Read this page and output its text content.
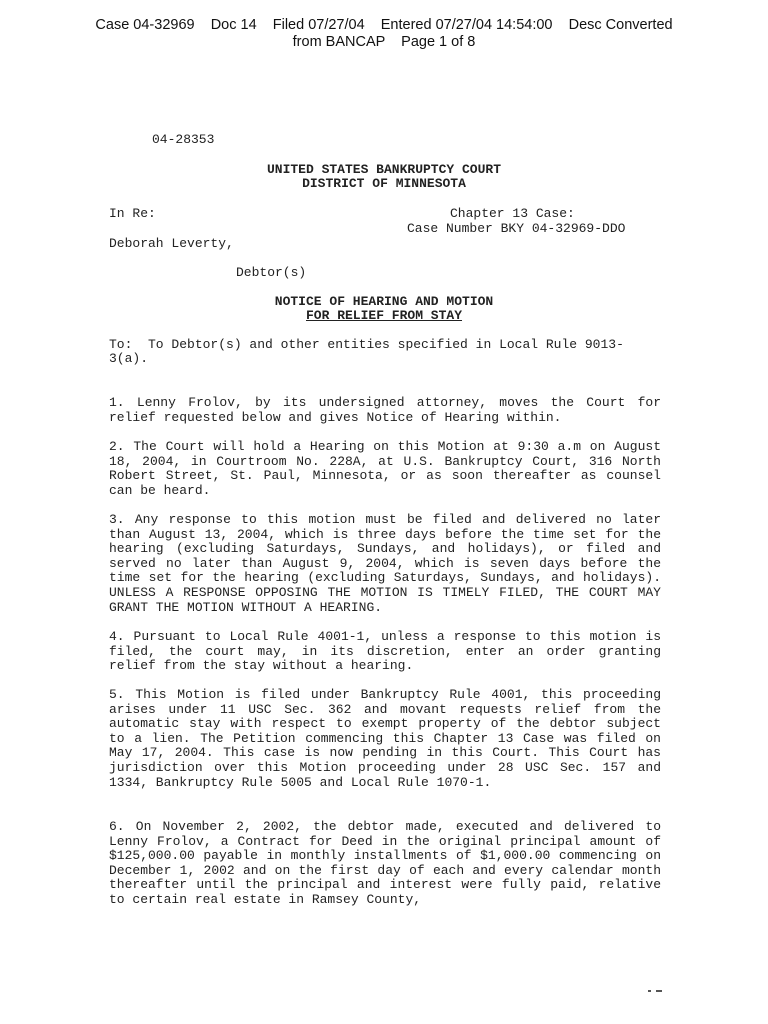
Case 04-32969    Doc 14    Filed 07/27/04    Entered 07/27/04 14:54:00    Desc Converted
from BANCAP    Page 1 of 8
04-28353
UNITED STATES BANKRUPTCY COURT
DISTRICT OF MINNESOTA
In Re:	Chapter 13 Case:
Case Number BKY 04-32969-DDO
Deborah Leverty,
Debtor(s)
NOTICE OF HEARING AND MOTION
FOR RELIEF FROM STAY
To:  To Debtor(s) and other entities specified in Local Rule 9013-
3(a).
1. Lenny Frolov, by its undersigned attorney, moves the Court for relief requested below and gives Notice of Hearing within.
2. The Court will hold a Hearing on this Motion at 9:30 a.m on August 18, 2004, in Courtroom No. 228A, at U.S. Bankruptcy Court, 316 North Robert Street, St. Paul, Minnesota, or as soon thereafter as counsel can be heard.
3. Any response to this motion must be filed and delivered no later than August 13, 2004, which is three days before the time set for the hearing (excluding Saturdays, Sundays, and holidays), or filed and served no later than August 9, 2004, which is seven days before the time set for the hearing (excluding Saturdays, Sundays, and holidays). UNLESS A RESPONSE OPPOSING THE MOTION IS TIMELY FILED, THE COURT MAY GRANT THE MOTION WITHOUT A HEARING.
4. Pursuant to Local Rule 4001-1, unless a response to this motion is filed, the court may, in its discretion, enter an order granting relief from the stay without a hearing.
5. This Motion is filed under Bankruptcy Rule 4001, this proceeding arises under 11 USC Sec. 362 and movant requests relief from the automatic stay with respect to exempt property of the debtor subject to a lien. The Petition commencing this Chapter 13 Case was filed on May 17, 2004. This case is now pending in this Court. This Court has jurisdiction over this Motion proceeding under 28 USC Sec. 157 and 1334, Bankruptcy Rule 5005 and Local Rule 1070-1.
6. On November 2, 2002, the debtor made, executed and delivered to Lenny Frolov, a Contract for Deed in the original principal amount of $125,000.00 payable in monthly installments of $1,000.00 commencing on December 1, 2002 and on the first day of each and every calendar month thereafter until the principal and interest were fully paid, relative to certain real estate in Ramsey County,
